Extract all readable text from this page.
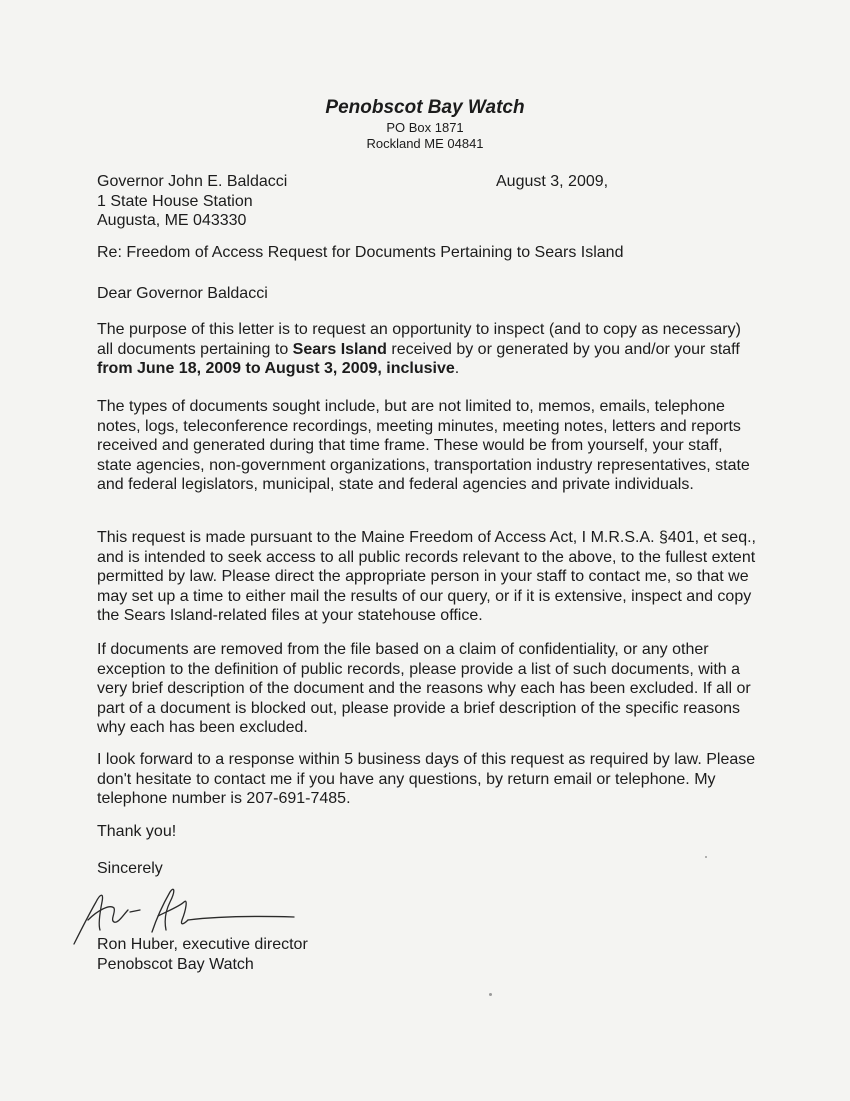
Penobscot Bay Watch
PO Box 1871
Rockland ME 04841
Governor John E. Baldacci
1 State House Station
Augusta, ME 043330
August 3, 2009,

Re: Freedom of Access Request for Documents Pertaining to Sears Island

Dear Governor Baldacci

The purpose of this letter is to request an opportunity to inspect (and to copy as necessary) all documents pertaining to Sears Island received by or generated by you and/or your staff from June 18, 2009 to August 3, 2009, inclusive.

The types of documents sought include, but are not limited to, memos, emails, telephone notes, logs, teleconference recordings, meeting minutes, meeting notes, letters and reports received and generated during that time frame. These would be from yourself, your staff, state agencies, non-government organizations, transportation industry representatives, state and federal legislators, municipal, state and federal agencies and private individuals.

This request is made pursuant to the Maine Freedom of Access Act, I M.R.S.A. §401, et seq., and is intended to seek access to all public records relevant to the above, to the fullest extent permitted by law. Please direct the appropriate person in your staff to contact me, so that we may set up a time to either mail the results of our query, or if it is extensive, inspect and copy the Sears Island-related files at your statehouse office.

If documents are removed from the file based on a claim of confidentiality, or any other exception to the definition of public records, please provide a list of such documents, with a very brief description of the document and the reasons why each has been excluded. If all or part of a document is blocked out, please provide a brief description of the specific reasons why each has been excluded.

I look forward to a response within 5 business days of this request as required by law. Please don't hesitate to contact me if you have any questions, by return email or telephone. My telephone number is 207-691-7485.

Thank you!

Sincerely

Ron Huber, executive director

Penobscot Bay Watch
